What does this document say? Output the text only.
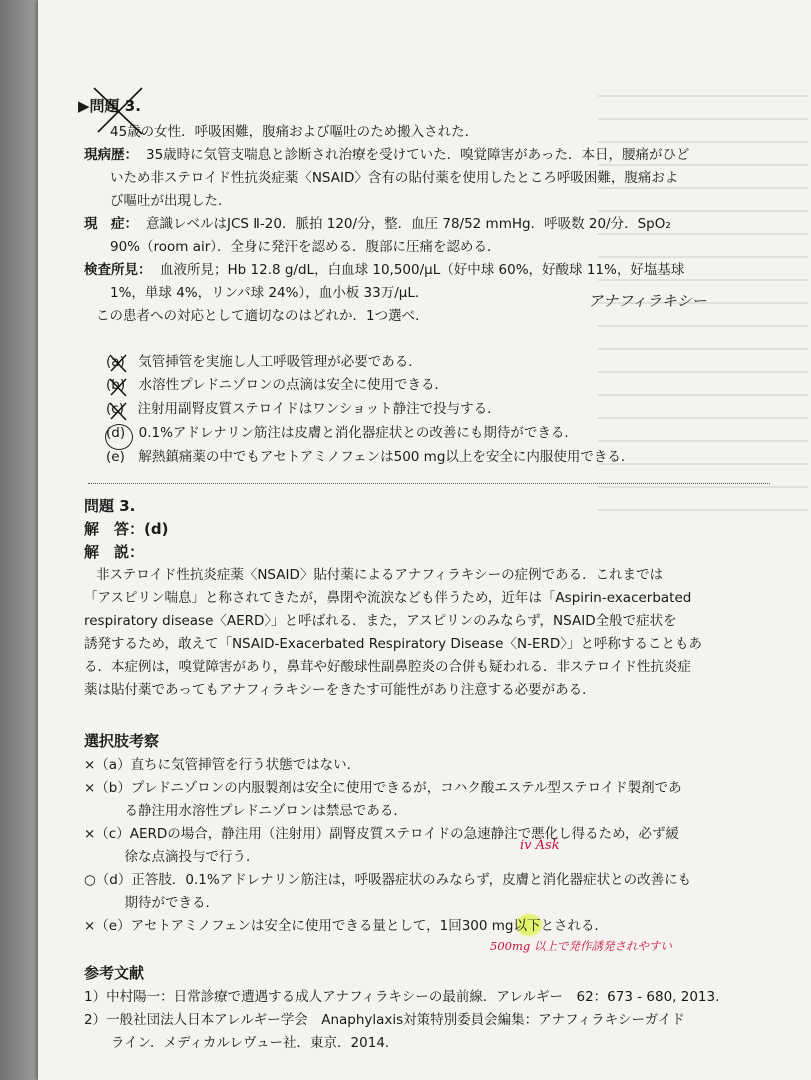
▶問題 3.
45歳の女性．呼吸困難，腹痛および嘔吐のため搬入された．
現病歴： 35歳時に気管支喘息と診断され治療を受けていた．嗅覚障害があった．本日，腰痛がひど
いため非ステロイド性抗炎症薬〈NSAID〉含有の貼付薬を使用したところ呼吸困難，腹痛およ
び嘔吐が出現した．
現　症： 意識レベルはJCS Ⅱ-20．脈拍 120/分，整．血圧 78/52 mmHg．呼吸数 20/分．SpO₂
90%（room air）．全身に発汗を認める．腹部に圧痛を認める．
検査所見： 血液所見；Hb 12.8 g/dL，白血球 10,500/μL（好中球 60%，好酸球 11%，好塩基球
1%，単球 4%，リンパ球 24%），血小板 33万/μL．	アナフィラキシー
この患者への対応として適切なのはどれか．1つ選べ．
(a)　気管挿管を実施し人工呼吸管理が必要である．
(b)　水溶性プレドニゾロンの点滴は安全に使用できる．
(c)　注射用副腎皮質ステロイドはワンショット静注で投与する．
(d)　0.1%アドレナリン筋注は皮膚と消化器症状との改善にも期待ができる．
(e)　解熱鎮痛薬の中でもアセトアミノフェンは500 mg以上を安全に内服使用できる．
問題 3.
解　答：(d)
解　説：
非ステロイド性抗炎症薬〈NSAID〉貼付薬によるアナフィラキシーの症例である．これまでは
「アスピリン喘息」と称されてきたが，鼻閉や流涙なども伴うため，近年は「Aspirin-exacerbated
respiratory disease〈AERD〉」と呼ばれる．また，アスピリンのみならず，NSAID全般で症状を
誘発するため，敢えて「NSAID-Exacerbated Respiratory Disease〈N-ERD〉」と呼称することもあ
る．本症例は，嗅覚障害があり，鼻茸や好酸球性副鼻腔炎の合併も疑われる．非ステロイド性抗炎症
薬は貼付薬であってもアナフィラキシーをきたす可能性があり注意する必要がある．
選択肢考察
×（a）直ちに気管挿管を行う状態ではない．
×（b）プレドニゾロンの内服製剤は安全に使用できるが，コハク酸エステル型ステロイド製剤であ
　　　る静注用水溶性プレドニゾロンは禁忌である．
×（c）AERDの場合，静注用（注射用）副腎皮質ステロイドの急速静注で悪化し得るため，必ず緩
　　　徐な点滴投与で行う．
○（d）正答肢．0.1%アドレナリン筋注は，呼吸器症状のみならず，皮膚と消化器症状との改善にも
　　　期待ができる．
×（e）アセトアミノフェンは安全に使用できる量として，1回300 mg以下とされる．
iv Ask
500mg 以上で発作誘発されやすい
参考文献
1）中村陽一：日常診療で遭遇する成人アナフィラキシーの最前線．アレルギー　62：673 - 680, 2013.
2）一般社団法人日本アレルギー学会　Anaphylaxis対策特別委員会編集：アナフィラキシーガイド
　　ライン．メディカルレヴュー社．東京．2014.
